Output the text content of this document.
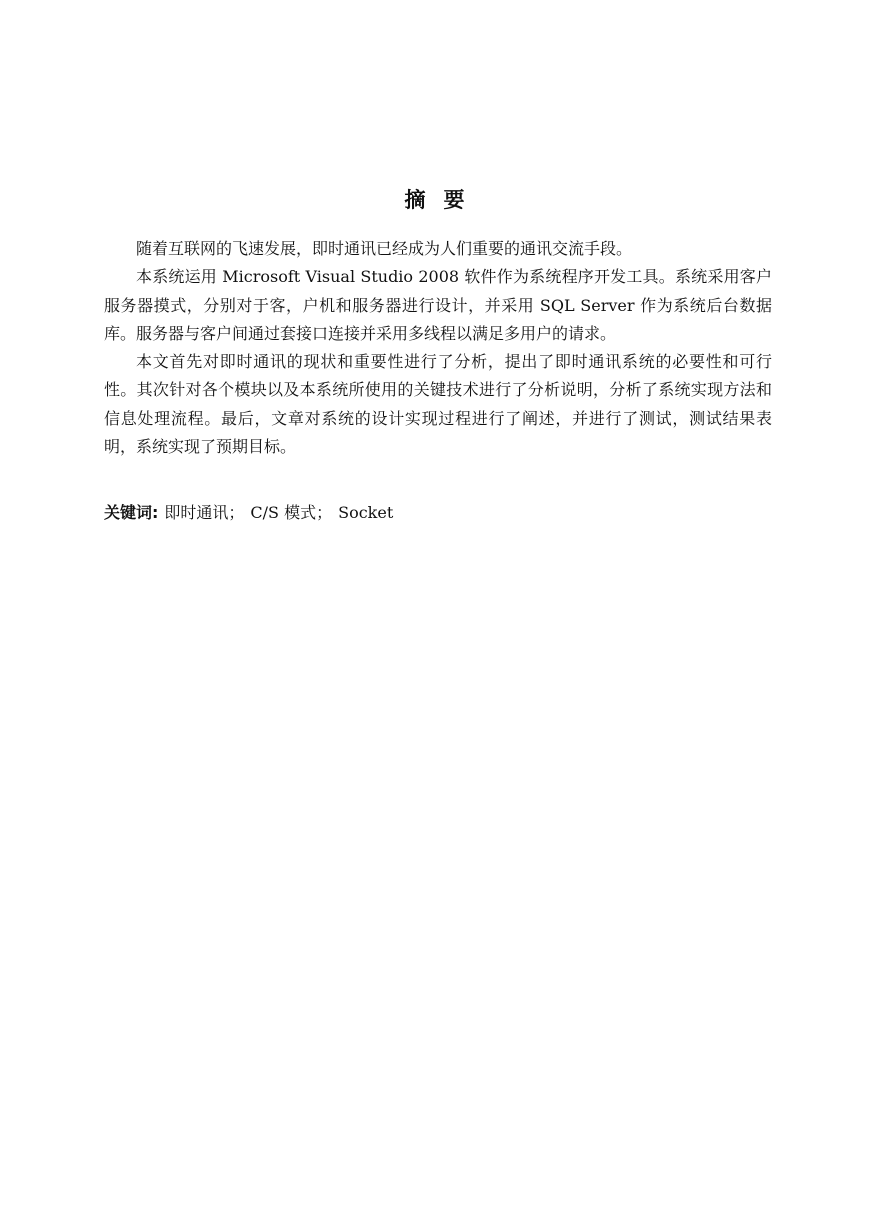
摘 要

随着互联网的飞速发展，即时通讯已经成为人们重要的通讯交流手段。

本系统运用 Microsoft Visual Studio 2008 软件作为系统程序开发工具。系统采用客户服务器摸式，分别对于客，户机和服务器进行设计，并采用 SQL Server 作为系统后台数据库。服务器与客户间通过套接口连接并采用多线程以满足多用户的请求。

本文首先对即时通讯的现状和重要性进行了分析，提出了即时通讯系统的必要性和可行性。其次针对各个模块以及本系统所使用的关键技术进行了分析说明，分析了系统实现方法和信息处理流程。最后，文章对系统的设计实现过程进行了阐述，并进行了测试，测试结果表明，系统实现了预期目标。

关键词: 即时通讯； C/S 模式； Socket
